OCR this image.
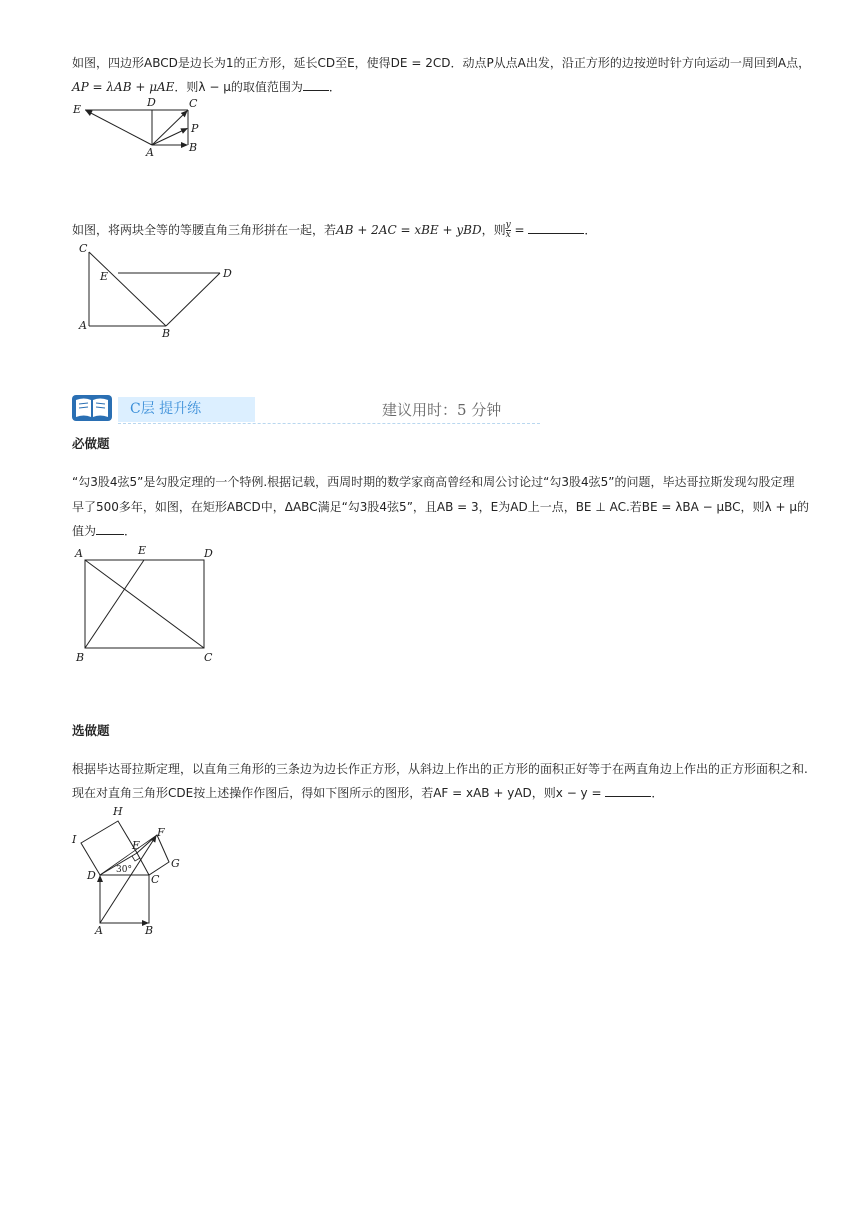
如图，四边形ABCD是边长为1的正方形，延长CD至E，使得DE = 2CD．动点P从点A出发，沿正方形的边按逆时针方向运动一周回到A点，
AP = λAB + μAE．则λ − μ的取值范围为 ．
E
D	C
P
A	B
如图，将两块全等的等腰直角三角形拼在一起，若AB + 2AC = xBE + yBD，则 $\frac{y}{x}$ =	．
C
E	D
A
B
C层 提升练	建议用时：5 分钟
必做题
“勾3股4弦5”是勾股定理的一个特例.根据记载，西周时期的数学家商高曾经和周公讨论过“勾3股4弦5”的问题，毕达哥拉斯发现勾股定理
早了500多年，如图，在矩形ABCD中，ΔABC满足“勾3股4弦5”，且AB = 3，E为AD上一点，BE ⊥ AC.若BE = λBA − μBC，则λ + μ的
值为 ．
A	E	D
B	C
选做题
根据毕达哥拉斯定理，以直角三角形的三条边为边长作正方形，从斜边上作出的正方形的面积正好等于在两直角边上作出的正方形面积之和.
现在对直角三角形CDE按上述操作作图后，得如下图所示的图形，若AF = xAB + yAD，则x − y =	．
H
I	E
F
G
D	C
A	B
30°
